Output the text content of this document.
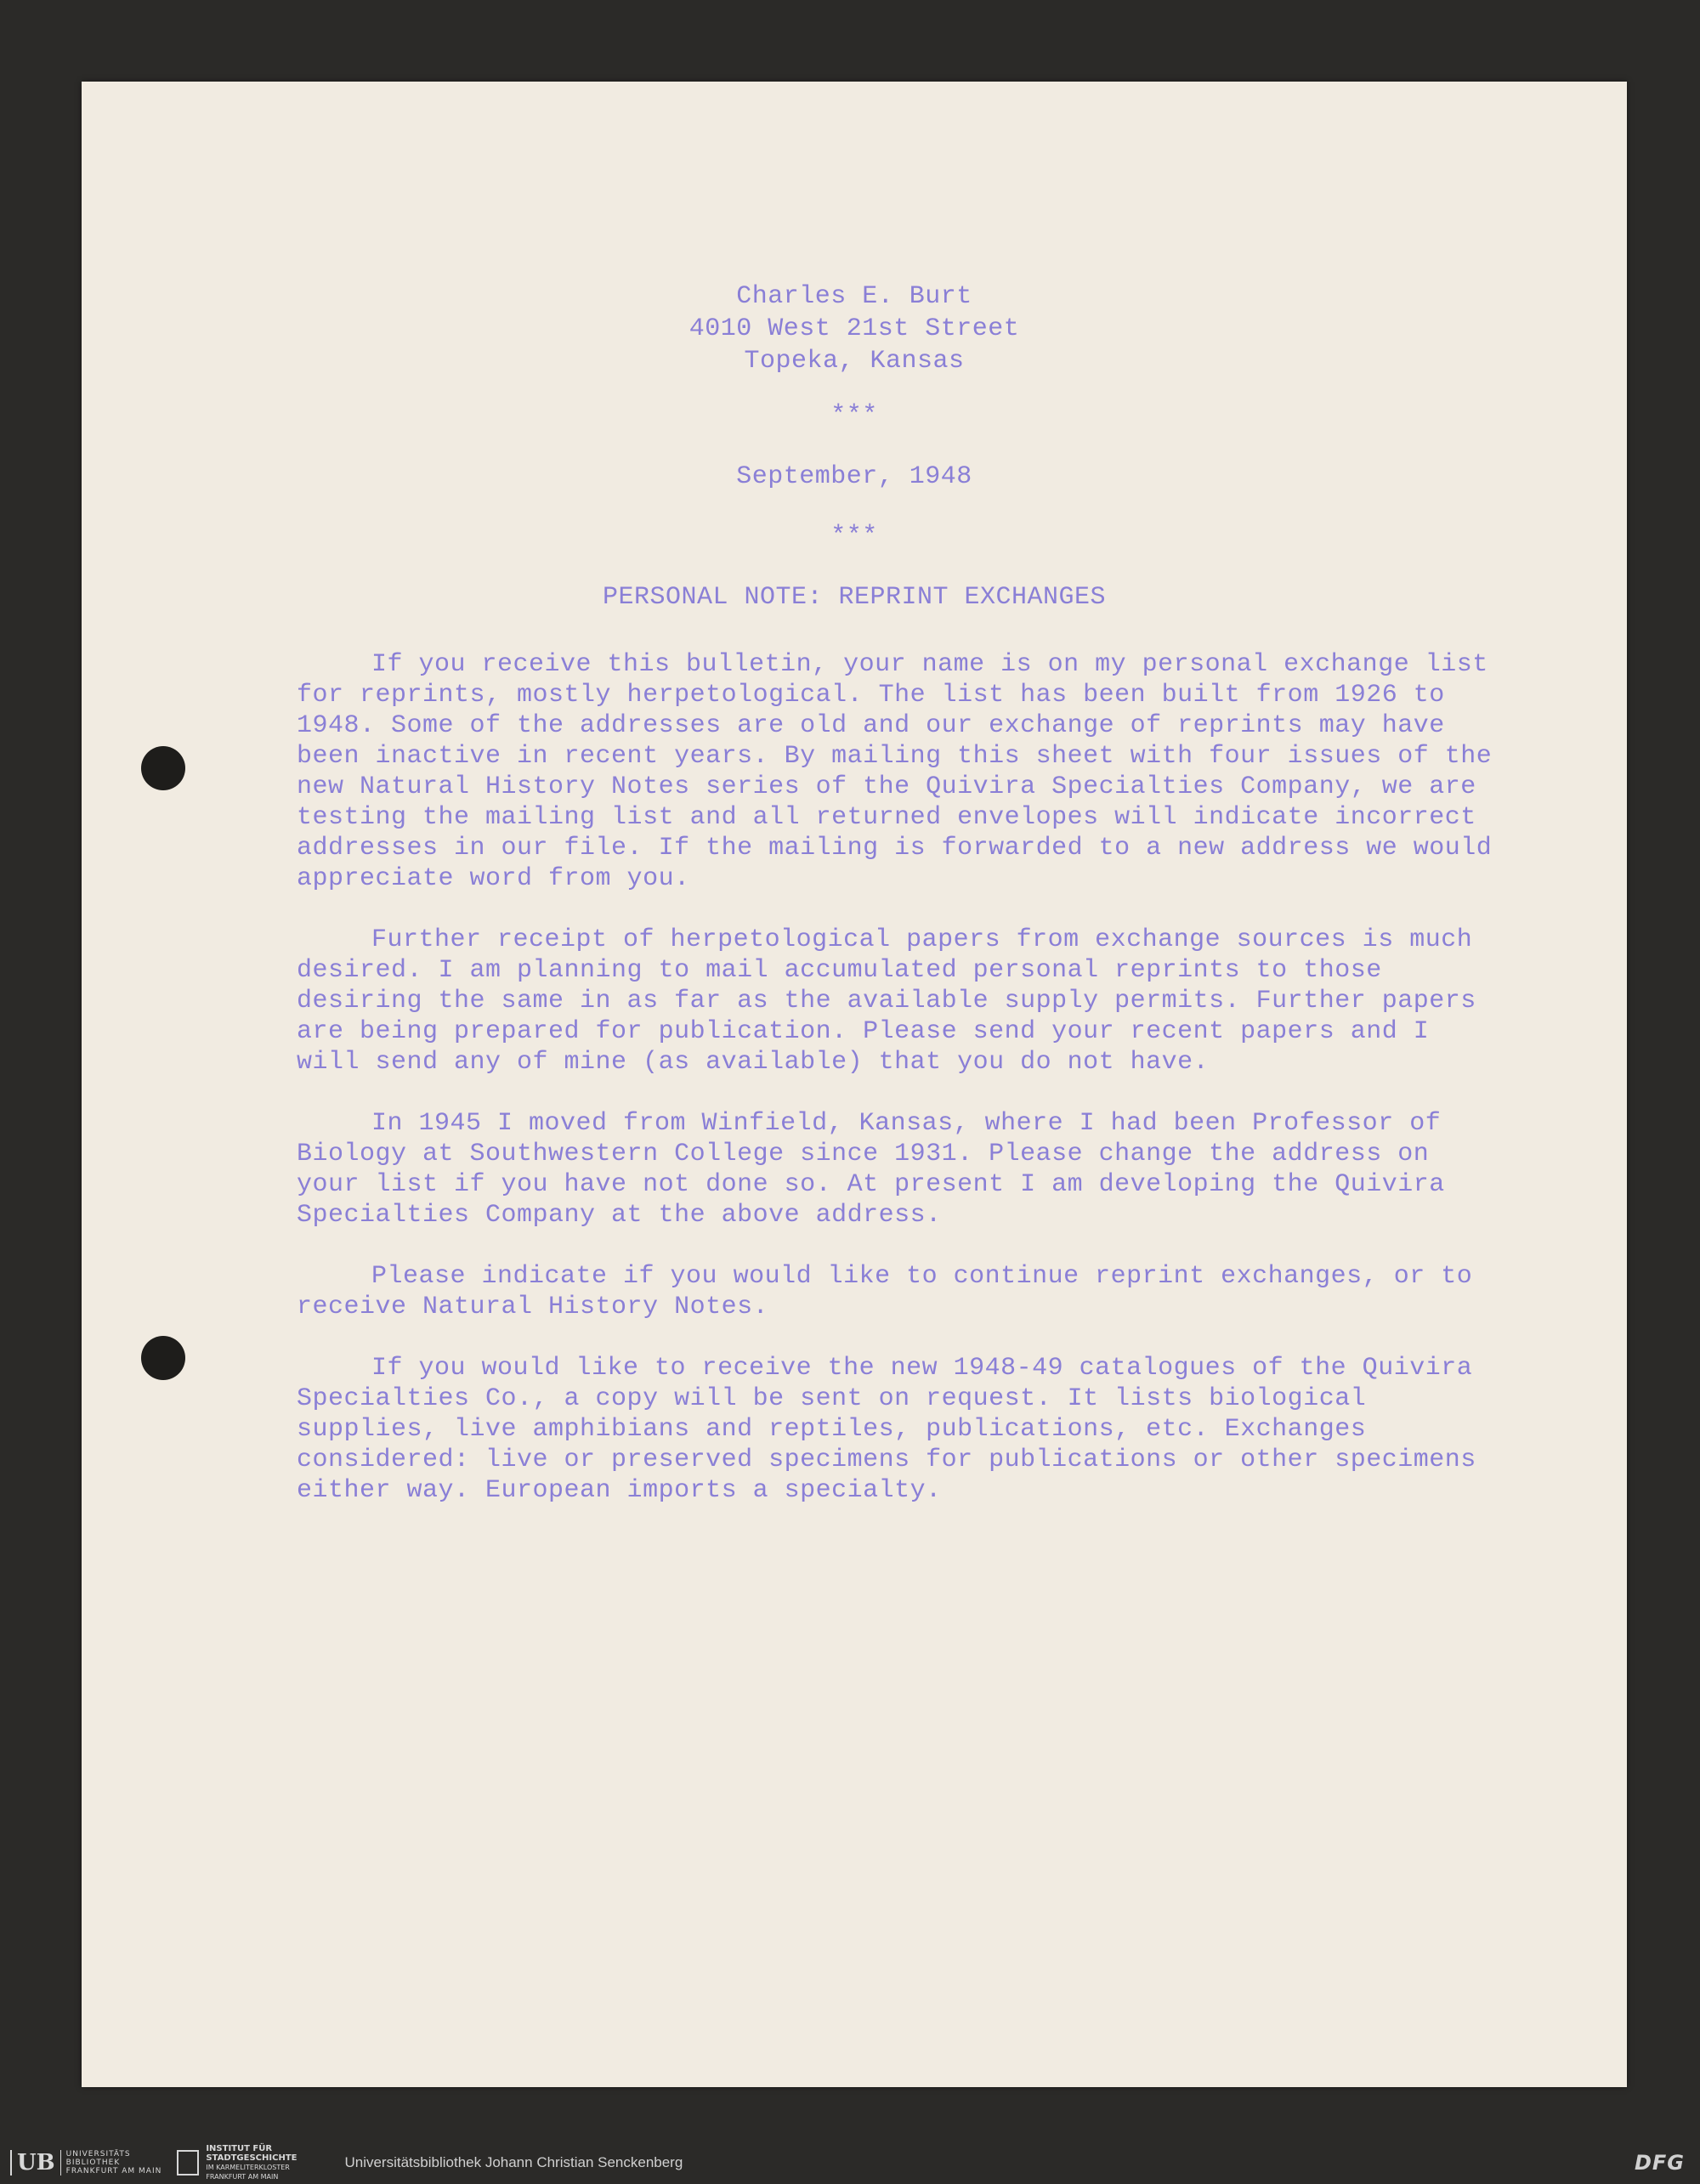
Charles E. Burt
4010 West 21st Street
Topeka, Kansas
***
September, 1948
***
PERSONAL NOTE: REPRINT EXCHANGES

If you receive this bulletin, your name is on my personal exchange list for reprints, mostly herpetological. The list has been built from 1926 to 1948. Some of the addresses are old and our exchange of reprints may have been inactive in recent years. By mailing this sheet with four issues of the new Natural History Notes series of the Quivira Specialties Company, we are testing the mailing list and all returned envelopes will indicate incorrect addresses in our file. If the mailing is forwarded to a new address we would appreciate word from you.

Further receipt of herpetological papers from exchange sources is much desired. I am planning to mail accumulated personal reprints to those desiring the same in as far as the available supply permits. Further papers are being prepared for publication. Please send your recent papers and I will send any of mine (as available) that you do not have.

In 1945 I moved from Winfield, Kansas, where I had been Professor of Biology at Southwestern College since 1931. Please change the address on your list if you have not done so. At present I am developing the Quivira Specialties Company at the above address.

Please indicate if you would like to continue reprint exchanges, or to receive Natural History Notes.

If you would like to receive the new 1948-49 catalogues of the Quivira Specialties Co., a copy will be sent on request. It lists biological supplies, live amphibians and reptiles, publications, etc. Exchanges considered: live or preserved specimens for publications or other specimens either way. European imports a specialty.

UB UNIVERSITÄTS
BIBLIOTHEK
FRANKFURT AM MAIN
INSTITUT FÜR
STADTGESCHICHTE
IM KARMELITERKLOSTER
FRANKFURT AM MAIN
Universitätsbibliothek Johann Christian Senckenberg	DFG
